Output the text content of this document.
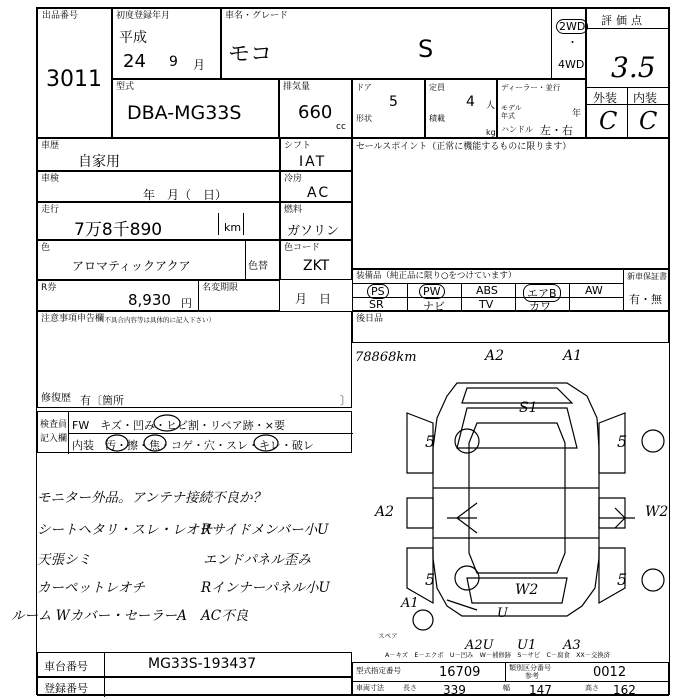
出品番号
3011
初度登録年月
平成
24 9 月
車名・グレード
モコ	S
2WD
・
4WD
評価点
3.5
外装 内装
C C
型式
DBA-MG33S
排気量
660
cc
ドア
5
形状
定員
4 人
積載
kg
ディーラー・並行
モデル年式	年
ハンドル 左・右
車歴
自家用
車検
年　月（　日）
走行
7万8千890	km
色
アロマティックアクア	色替
R券
8,930 円
名変期限
月　日
シフト
IAT
冷房
AC
燃料
ガソリン
色コード
ZKT
セールスポイント（正常に機能するものに限ります）
装備品（純正品に限り○をつけています）	新車保証書
PS	PW	ABS	エアB	AW
SR	ナビ	TV	カワ
有・無
注意事項申告欄
（不具合内容等は具体的に記入下さい）
修復歴 有〔箇所	〕
後日品
検査員記入欄
FW　キズ・凹み・ヒビ割・リペア跡・×要
内装　汚・擦・焦・コゲ・穴・スレ・キレ・破レ
モニター外品。アンテナ接続不良か？
シートヘタリ・スレ・レオチ
天張シミ
カーペットレオチ
ルーム Wカバー・セーラーA
Rサイドメンバー小U
エンドパネル歪み
Rインナーパネル小U
AC不良
78868km	A2	A1
S1
5	5
5	5
A2	W2
W2
A1
U
A2U U1 A3
スペア
A－キズ　E－エクボ　U－凹み　W－補修跡　S－サビ　C－腐食　XX－交換済
車台番号	MG33S-193437
登録番号
型式指定番号	16709	類別区分番号
参考	0012
車両寸法	長さ 339	幅 147	高さ 162
